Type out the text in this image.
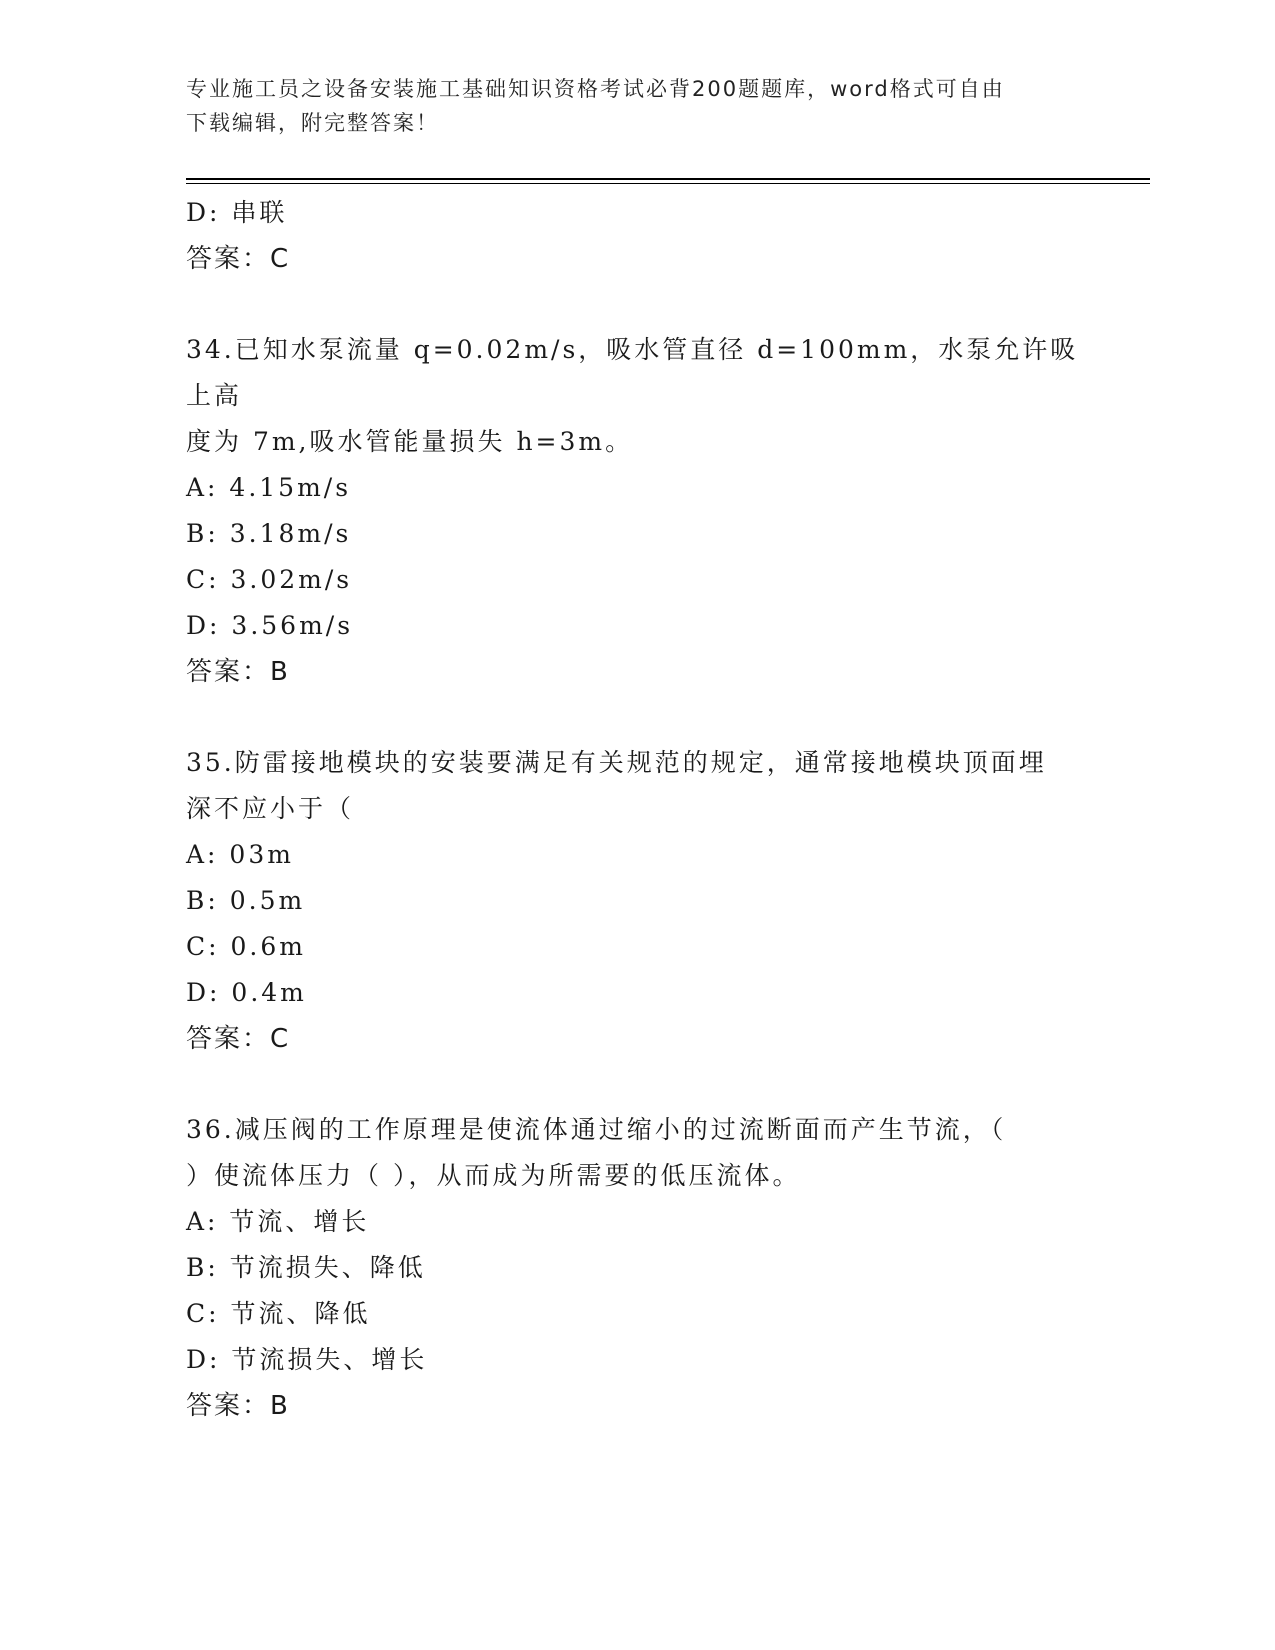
专业施工员之设备安装施工基础知识资格考试必背200题题库，word格式可自由
下载编辑，附完整答案！
D: 串联
答案：C
34.已知水泵流量 q=0.02m/s，吸水管直径 d=100mm，水泵允许吸上高
度为 7m,吸水管能量损失 h=3m。
A: 4.15m/s
B: 3.18m/s
C: 3.02m/s
D: 3.56m/s
答案：B
35.防雷接地模块的安装要满足有关规范的规定，通常接地模块顶面埋
深不应小于（
A: 03m
B: 0.5m
C: 0.6m
D: 0.4m
答案：C
36.减压阀的工作原理是使流体通过缩小的过流断面而产生节流，（
）使流体压力（ ），从而成为所需要的低压流体。
A: 节流、增长
B: 节流损失、降低
C: 节流、降低
D: 节流损失、增长
答案：B
